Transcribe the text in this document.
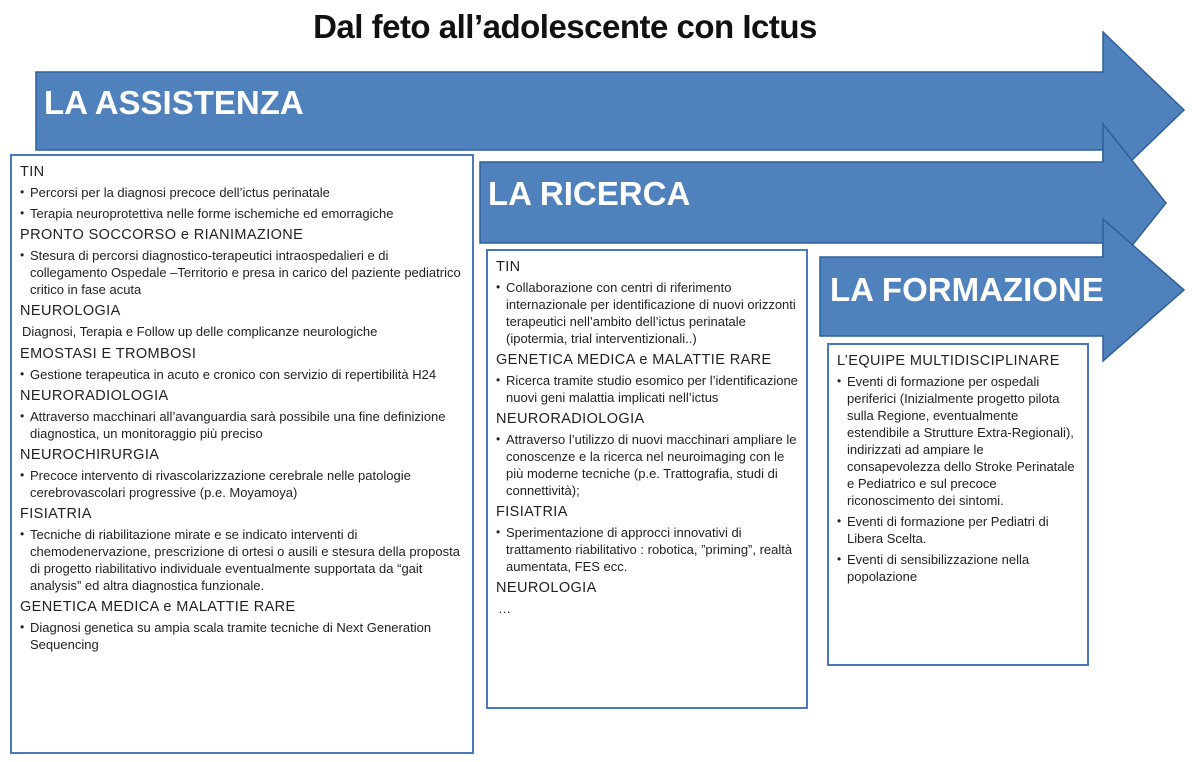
Dal feto all’adolescente con Ictus
LA ASSISTENZA
LA RICERCA
LA FORMAZIONE
TIN
• Percorsi per la diagnosi precoce dell’ictus perinatale
• Terapia neuroprotettiva nelle forme ischemiche ed emorragiche
PRONTO SOCCORSO e RIANIMAZIONE
• Stesura di percorsi diagnostico-terapeutici intraospedalieri e di collegamento Ospedale –Territorio e presa in carico del paziente pediatrico critico in fase acuta
NEUROLOGIA
Diagnosi, Terapia e Follow up delle complicanze neurologiche
EMOSTASI E TROMBOSI
• Gestione terapeutica in acuto e cronico con servizio di repertibilità H24
NEURORADIOLOGIA
• Attraverso macchinari all’avanguardia sarà possibile una fine definizione diagnostica, un monitoraggio più preciso
NEUROCHIRURGIA
• Precoce intervento di rivascolarizzazione cerebrale nelle patologie cerebrovascolari progressive (p.e. Moyamoya)
FISIATRIA
• Tecniche di riabilitazione mirate e se indicato interventi di chemodenervazione, prescrizione di ortesi o ausili e stesura della proposta di progetto riabilitativo individuale eventualmente supportata da “gait analysis” ed altra diagnostica funzionale.
GENETICA MEDICA e MALATTIE RARE
• Diagnosi genetica su ampia scala tramite tecniche di Next Generation Sequencing
TIN
• Collaborazione con centri di riferimento internazionale per identificazione di nuovi orizzonti terapeutici nell’ambito dell’ictus perinatale (ipotermia, trial interventizionali..)
GENETICA MEDICA e MALATTIE RARE
• Ricerca tramite studio esomico per l’identificazione nuovi geni malattia implicati nell’ictus
NEURORADIOLOGIA
• Attraverso l’utilizzo di nuovi macchinari ampliare le conoscenze e la ricerca nel neuroimaging con le più moderne tecniche (p.e. Trattografia, studi di connettività);
FISIATRIA
• Sperimentazione di approcci innovativi di trattamento riabilitativo : robotica, ”priming”, realtà aumentata, FES ecc.
NEUROLOGIA
…
L’EQUIPE MULTIDISCIPLINARE
• Eventi di formazione per ospedali periferici (Inizialmente progetto pilota sulla Regione, eventualmente estendibile a Strutture Extra-Regionali), indirizzati ad ampiare le consapevolezza dello Stroke Perinatale e Pediatrico e sul precoce riconoscimento dei sintomi.
• Eventi di formazione per Pediatri di Libera Scelta.
• Eventi di sensibilizzazione nella popolazione
